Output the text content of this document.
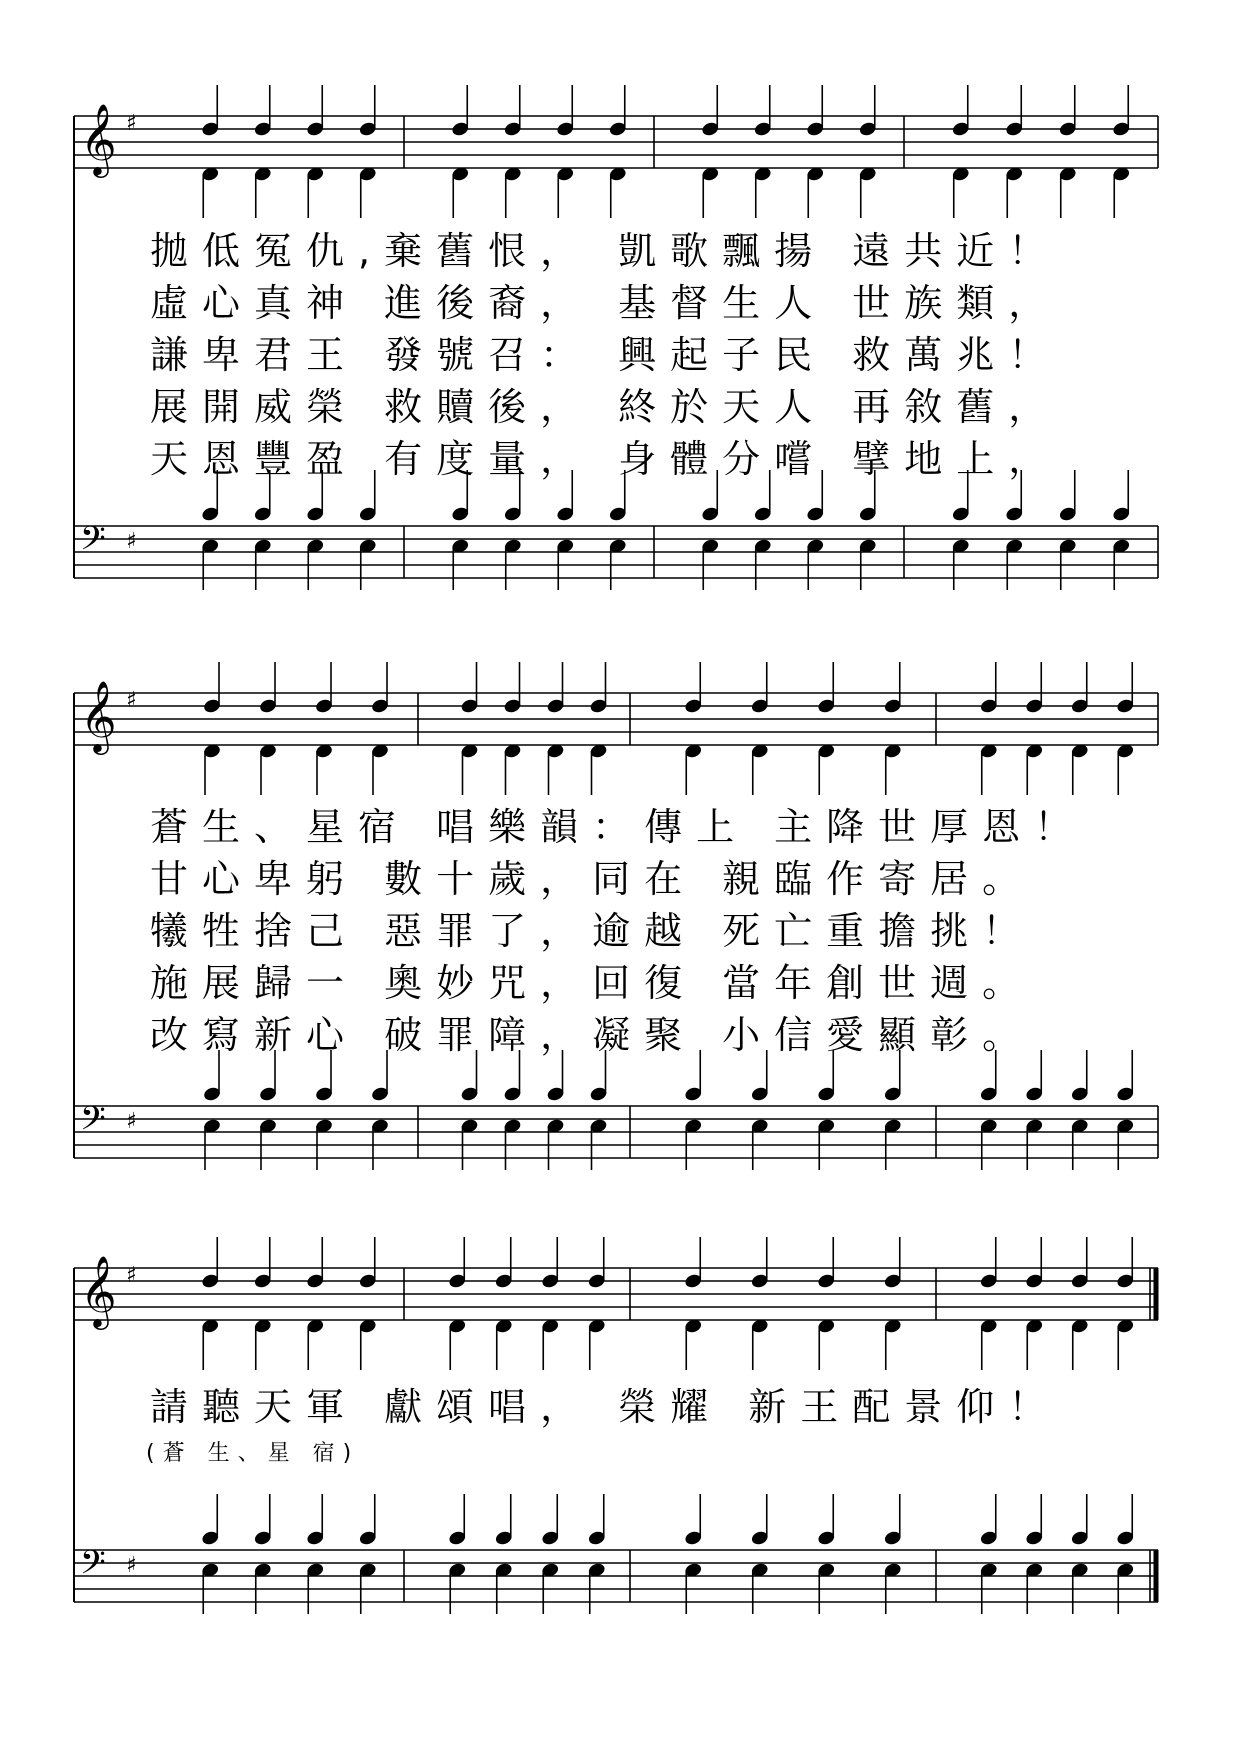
𝄞 ♯
𝄢 ♯
𝄞 ♯
𝄢 ♯
𝄞 ♯
𝄢 ♯
拋低冤仇,棄舊恨， 凱歌飄揚 遠共近！
虛心真神 進後裔， 基督生人 世族類，
謙卑君王 發號召： 興起子民 救萬兆！
展開威榮 救贖後， 終於天人 再敘舊，
天恩豐盈 有度量， 身體分嚐 擘地上，
蒼生、星宿 唱樂韻：傳上 主降世厚恩！
甘心卑躬 數十歲，同在 親臨作寄居。
犧牲捨己 惡罪了，逾越 死亡重擔挑！
施展歸一 奧妙咒，回復 當年創世週。
改寫新心 破罪障，凝聚 小信愛顯彰。
請聽天軍 獻頌唱， 榮耀 新王配景仰！
(蒼 生、星 宿)
